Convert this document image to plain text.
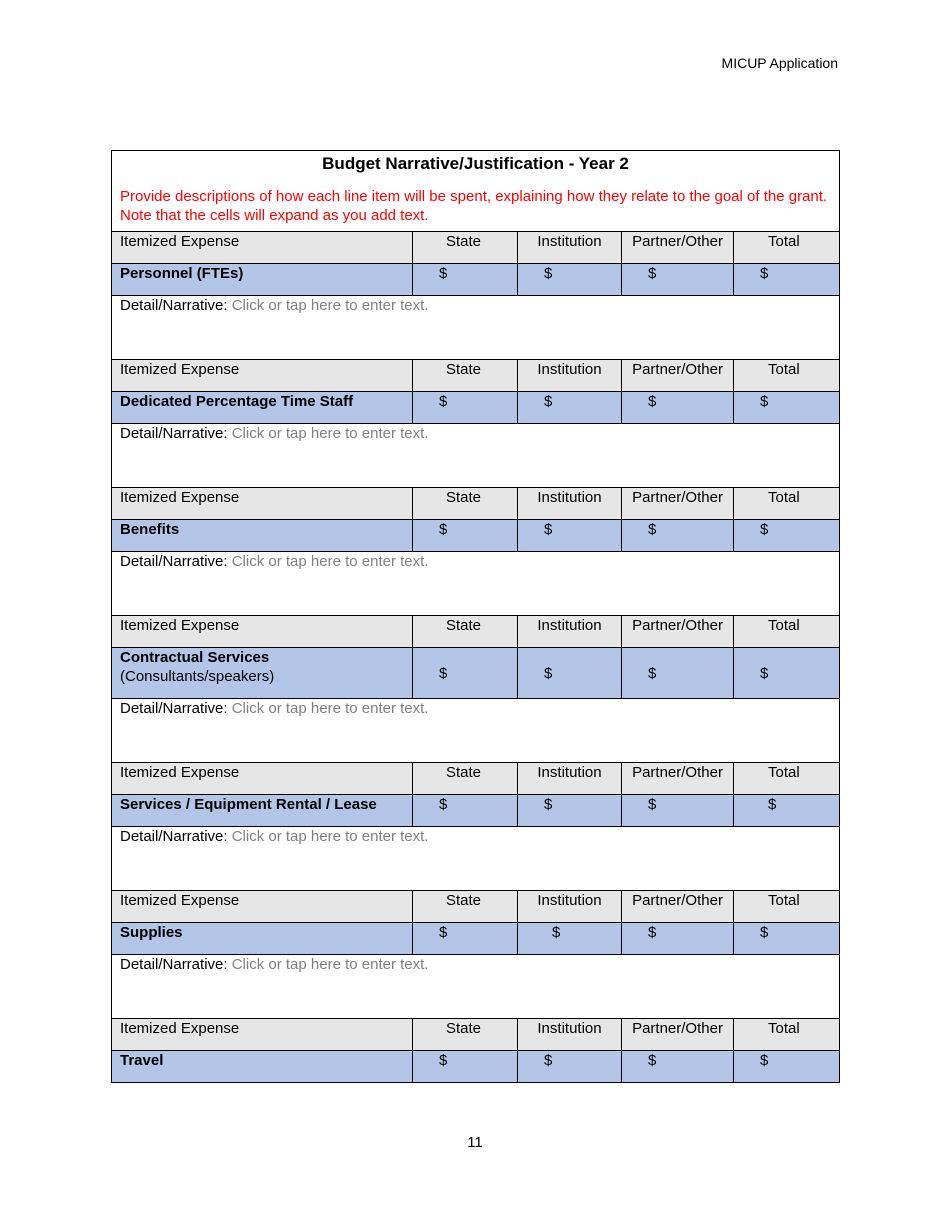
MICUP Application
Budget Narrative/Justification - Year 2
Provide descriptions of how each line item will be spent, explaining how they relate to the goal of the grant. Note that the cells will expand as you add text.				

Itemized Expense	State	Institution	Partner/Other	Total
Personnel (FTEs)	$	$	$	$
Detail/Narrative: Click or tap here to enter text.				
Itemized Expense	State	Institution	Partner/Other	Total
Dedicated Percentage Time Staff	$	$	$	$
Detail/Narrative: Click or tap here to enter text.				
Itemized Expense	State	Institution	Partner/Other	Total
Benefits	$	$	$	$
Detail/Narrative: Click or tap here to enter text.				
Itemized Expense	State	Institution	Partner/Other	Total

Contractual Services
(Consultants/speakers)	$	$	$	$
Detail/Narrative: Click or tap here to enter text.				
Itemized Expense	State	Institution	Partner/Other	Total
Services / Equipment Rental / Lease	$	$	$	$
Detail/Narrative: Click or tap here to enter text.				
Itemized Expense	State	Institution	Partner/Other	Total
Supplies	$	$	$	$
Detail/Narrative: Click or tap here to enter text.				
Itemized Expense	State	Institution	Partner/Other	Total
Travel	$	$	$	$
11
